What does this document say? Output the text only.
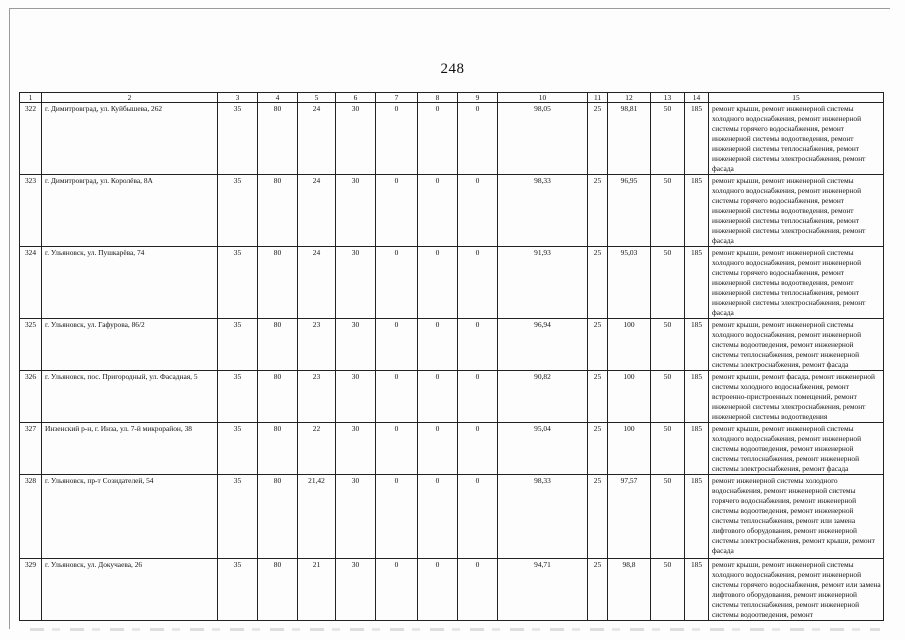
248
1	2	3	4	5	6	7	8	9	10	11	12	13	14	15
322	г. Димитровград, ул. Куйбышева, 262	35	80	24	30	0	0	0	98,05	25	98,81	50	185	ремонт крыши, ремонт инженерной системы холодного водоснабжения, ремонт инженерной системы горячего водоснабжения, ремонт инженерной системы водоотведения, ремонт инженерной системы теплоснабжения, ремонт инженерной системы электроснабжения, ремонт фасада
323	г. Димитровград, ул. Королёва, 8А	35	80	24	30	0	0	0	98,33	25	96,95	50	185	ремонт крыши, ремонт инженерной системы холодного водоснабжения, ремонт инженерной системы горячего водоснабжения, ремонт инженерной системы водоотведения, ремонт инженерной системы теплоснабжения, ремонт инженерной системы электроснабжения, ремонт фасада
324	г. Ульяновск, ул. Пушкарёва, 74	35	80	24	30	0	0	0	91,93	25	95,03	50	185	ремонт крыши, ремонт инженерной системы холодного водоснабжения, ремонт инженерной системы горячего водоснабжения, ремонт инженерной системы водоотведения, ремонт инженерной системы теплоснабжения, ремонт инженерной системы электроснабжения, ремонт фасада
325	г. Ульяновск, ул. Гафурова, 86/2	35	80	23	30	0	0	0	96,94	25	100	50	185	ремонт крыши, ремонт инженерной системы холодного водоснабжения, ремонт инженерной системы водоотведения, ремонт инженерной системы теплоснабжения, ремонт инженерной системы электроснабжения, ремонт фасада
326	г. Ульяновск, пос. Пригородный, ул. Фасадная, 5	35	80	23	30	0	0	0	90,82	25	100	50	185	ремонт крыши, ремонт фасада, ремонт инженерной системы холодного водоснабжения, ремонт встроенно-пристроенных помещений, ремонт инженерной системы электроснабжения, ремонт инженерной системы водоотведения
327	Инзенский р-н, г. Инза, ул. 7-й микрорайон, 38	35	80	22	30	0	0	0	95,04	25	100	50	185	ремонт крыши, ремонт инженерной системы холодного водоснабжения, ремонт инженерной системы водоотведения, ремонт инженерной системы теплоснабжения, ремонт инженерной системы электроснабжения, ремонт фасада
328	г. Ульяновск, пр-т Созидателей, 54	35	80	21,42	30	0	0	0	98,33	25	97,57	50	185	ремонт инженерной системы холодного водоснабжения, ремонт инженерной системы горячего водоснабжения, ремонт инженерной системы водоотведения, ремонт инженерной системы теплоснабжения, ремонт или замена лифтового оборудования, ремонт инженерной системы электроснабжения, ремонт крыши, ремонт фасада
329	г. Ульяновск, ул. Докучаева, 26	35	80	21	30	0	0	0	94,71	25	98,8	50	185	ремонт крыши, ремонт инженерной системы холодного водоснабжения, ремонт инженерной системы горячего водоснабжения, ремонт или замена лифтового оборудования, ремонт инженерной системы теплоснабжения, ремонт инженерной системы водоотведения, ремонт
